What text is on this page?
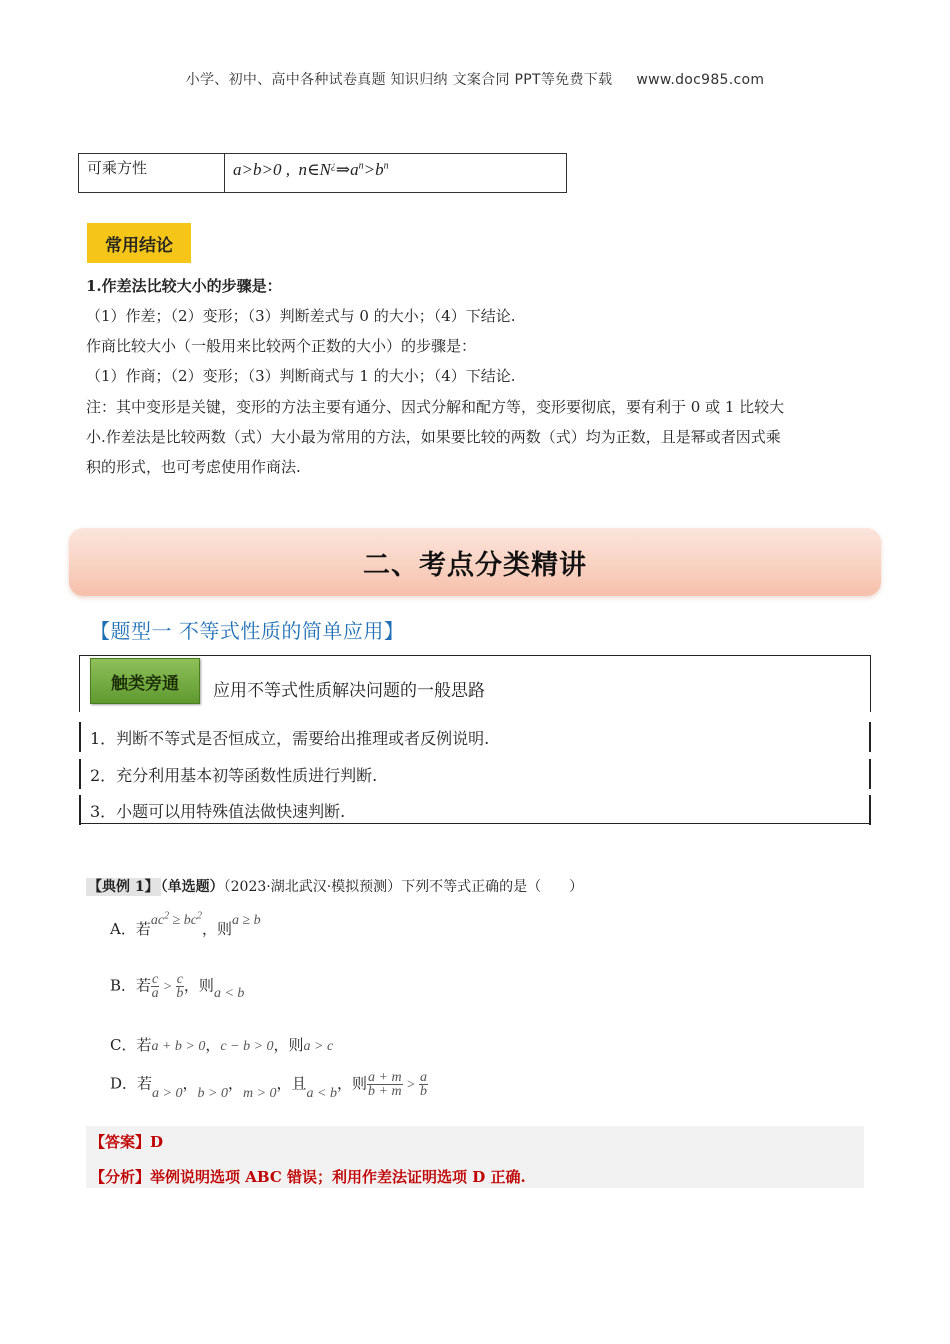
小学、初中、高中各种试卷真题 知识归纳 文案合同 PPT等免费下载 www.doc985.com
可乘方性	a>b>0 ,  $n\in N^¿\Rightarrow a^n>b^n$
常用结论
1.作差法比较大小的步骤是：
（1）作差；（2）变形；（3）判断差式与 0 的大小；（4）下结论.
作商比较大小（一般用来比较两个正数的大小）的步骤是：
（1）作商；（2）变形；（3）判断商式与 1 的大小；（4）下结论.
注：其中变形是关键，变形的方法主要有通分、因式分解和配方等，变形要彻底，要有利于 0 或 1 比较大
小.作差法是比较两数（式）大小最为常用的方法，如果要比较的两数（式）均为正数，且是幂或者因式乘
积的形式，也可考虑使用作商法.
二、考点分类精讲
【题型一 不等式性质的简单应用】
触类旁通	应用不等式性质解决问题的一般思路
1．判断不等式是否恒成立，需要给出推理或者反例说明.
2．充分利用基本初等函数性质进行判断.
3．小题可以用特殊值法做快速判断.
【典例 1】 （单选题）（2023·湖北武汉·模拟预测）下列不等式正确的是（　　）
A．若$ac^2 \ge bc^2$，则a ≥ b
B．若 $\frac{c}{a} > \frac{c}{b}$ ，则a < b
C．若a + b > 0，c − b > 0，则a > c
D．若a > 0，b > 0，m > 0，且a < b，则 $\frac{a + m}{b + m} > \frac{a}{b}$
【答案】D
【分析】举例说明选项 ABC 错误；利用作差法证明选项 D 正确.
